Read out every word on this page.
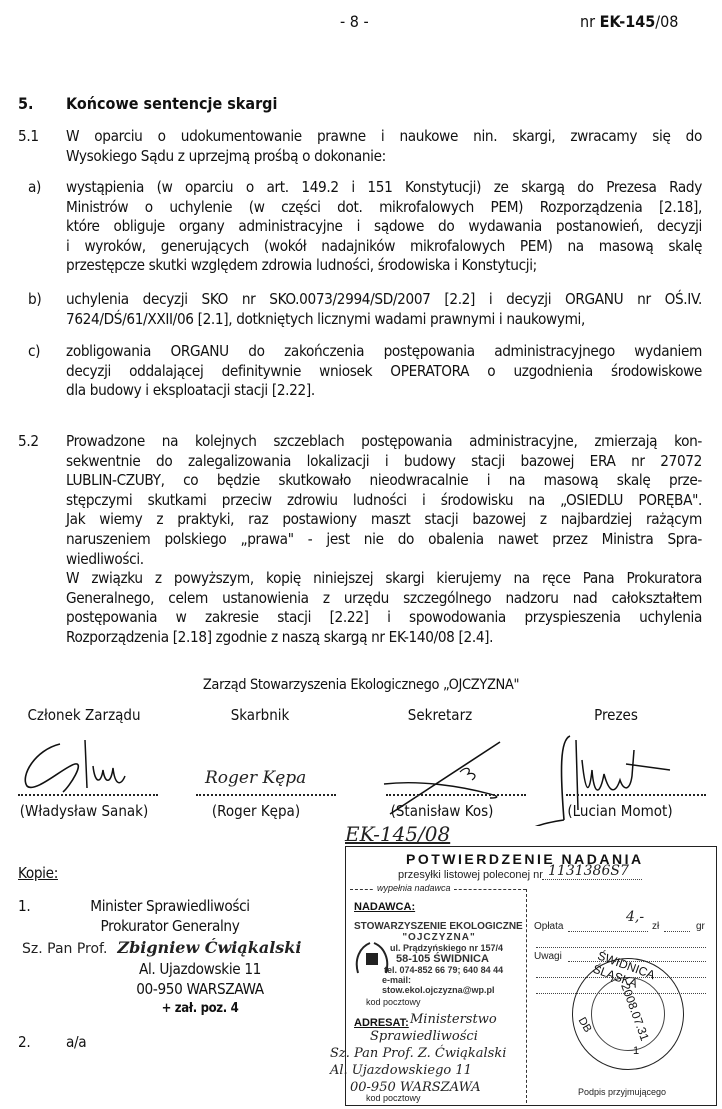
- 8 -	nr EK-145/08
5. Końcowe sentencje skargi
5.1 W oparciu o udokumentowanie prawne i naukowe nin. skargi, zwracamy się do
Wysokiego Sądu z uprzejmą prośbą o dokonanie:
a) wystąpienia (w oparciu o art. 149.2 i 151 Konstytucji) ze skargą do Prezesa Rady
Ministrów o uchylenie (w części dot. mikrofalowych PEM) Rozporządzenia [2.18],
które obliguje organy administracyjne i sądowe do wydawania postanowień, decyzji
i wyroków, generujących (wokół nadajników mikrofalowych PEM) na masową skalę
przestępcze skutki względem zdrowia ludności, środowiska i Konstytucji;
b) uchylenia decyzji SKO nr SKO.0073/2994/SD/2007 [2.2] i decyzji ORGANU nr OŚ.IV.
7624/DŚ/61/XXII/06 [2.1], dotkniętych licznymi wadami prawnymi i naukowymi,
c) zobligowania ORGANU do zakończenia postępowania administracyjnego wydaniem
decyzji oddalającej definitywnie wniosek OPERATORA o uzgodnienia środowiskowe
dla budowy i eksploatacji stacji [2.22].
5.2 Prowadzone na kolejnych szczeblach postępowania administracyjne, zmierzają kon-
sekwentnie do zalegalizowania lokalizacji i budowy stacji bazowej ERA nr 27072
LUBLIN-CZUBY, co będzie skutkowało nieodwracalnie i na masową skalę prze-
stępczymi skutkami przeciw zdrowiu ludności i środowisku na „OSIEDLU PORĘBA".
Jak wiemy z praktyki, raz postawiony maszt stacji bazowej z najbardziej rażącym
naruszeniem polskiego „prawa" - jest nie do obalenia nawet przez Ministra Spra-
wiedliwości.
W związku z powyższym, kopię niniejszej skargi kierujemy na ręce Pana Prokuratora
Generalnego, celem ustanowienia z urzędu szczególnego nadzoru nad całokształtem
postępowania w zakresie stacji [2.22] i spowodowania przyspieszenia uchylenia
Rozporządzenia [2.18] zgodnie z naszą skargą nr EK-140/08 [2.4].
Zarząd Stowarzyszenia Ekologicznego „OJCZYZNA"
Członek Zarządu
(Władysław Sanak)
Skarbnik
Roger Kępa
(Roger Kępa)
Sekretarz
(Stanisław Kos)
Prezes
(Lucian Momot)
Kopie:
1.	Minister Sprawiedliwości
Prokurator Generalny
Sz. Pan Prof. Zbigniew Ćwiąkalski
Al. Ujazdowskie 11
00-950 WARSZAWA
+ zał. poz. 4
2. a/a
EK-145/08
POTWIERDZENIE NADANIA
przesyłki listowej poleconej nr 1131386S7
wypełnia nadawca
NADAWCA:
STOWARZYSZENIE EKOLOGICZNE
"OJCZYZNA"
ul. Prądzyńskiego nr 157/4
58-105 ŚWIDNICA
tel. 074-852 66 79; 640 84 44
e-mail: stow.ekol.ojczyzna@wp.pl
kod pocztowy
ADRESAT: Ministerstwo
Sprawiedliwości
Sz. Pan Prof. Z. Ćwiąkalski
Al. Ujazdowskiego 11
00-950 WARSZAWA
kod pocztowy
Opłata
4,-
zł	gr
Uwagi
Podpis przyjmującego
ŚWIDNICA ŚLĄSKA
2008.07.31
DB
1
